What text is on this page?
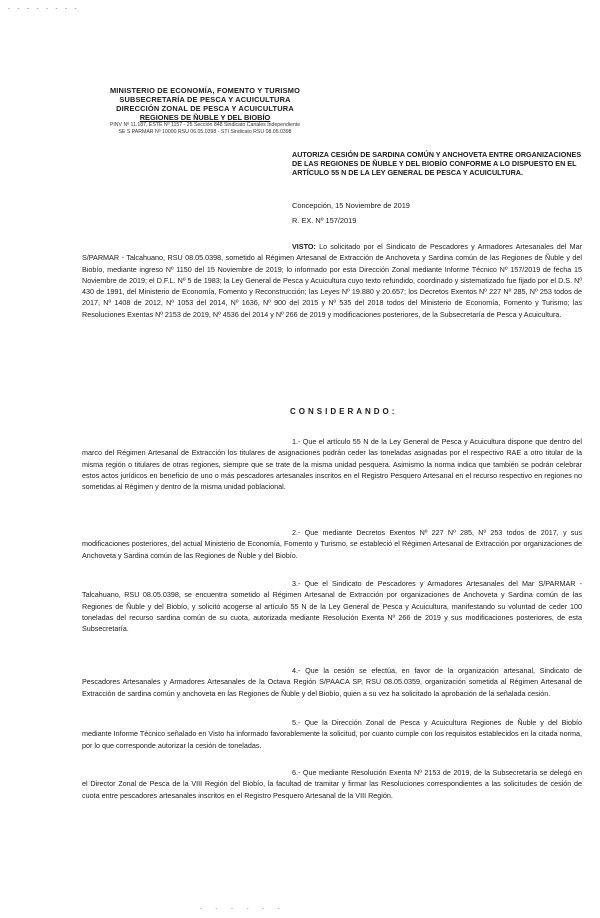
- - - - - - - -
MINISTERIO DE ECONOMÍA, FOMENTO Y TURISMO
SUBSECRETARÍA DE PESCA Y ACUICULTURA
DIRECCIÓN ZONAL DE PESCA Y ACUICULTURA
REGIONES DE ÑUBLE Y DEL BIOBÍO
PINV Nº 11.187, ESTE Nº 1157 - 25 Sección 848 Sindicato Canales Independiente
SE S PARMAR Nº 10000 RSU 06.05.0398 - STI Sindicato RSU 08.05.0398
AUTORIZA CESIÓN DE SARDINA COMÚN Y ANCHOVETA ENTRE ORGANIZACIONES DE LAS REGIONES DE ÑUBLE Y DEL BIOBÍO CONFORME A LO DISPUESTO EN EL ARTÍCULO 55 N DE LA LEY GENERAL DE PESCA Y ACUICULTURA.
Concepción, 15 Noviembre de 2019
R. EX. Nº 157/2019
VISTO: Lo solicitado por el Sindicato de Pescadores y Armadores Artesanales del Mar S/PARMAR - Talcahuano, RSU 08.05.0398, sometido al Régimen Artesanal de Extracción de Anchoveta y Sardina común de las Regiones de Ñuble y del Biobío, mediante ingreso Nº 1150 del 15 Noviembre de 2019; lo informado por esta Dirección Zonal mediante Informe Técnico Nº 157/2019 de fecha 15 Noviembre de 2019; el D.F.L. Nº 5 de 1983; la Ley General de Pesca y Acuicultura cuyo texto refundido, coordinado y sistematizado fue fijado por el D.S. Nº 430 de 1991, del Ministerio de Economía, Fomento y Reconstrucción; las Leyes Nº 19.880 y 20.657; los Decretos Exentos Nº 227 Nº 285, Nº 253 todos de 2017, Nº 1408 de 2012, Nº 1053 del 2014, Nº 1636, Nº 900 del 2015 y Nº 535 del 2018 todos del Ministerio de Economía, Fomento y Turismo; las Resoluciones Exentas Nº 2153 de 2019, Nº 4536 del 2014 y Nº 266 de 2019 y modificaciones posteriores, de la Subsecretaría de Pesca y Acuicultura.
CONSIDERANDO:
1.- Que el artículo 55 N de la Ley General de Pesca y Acuicultura dispone que dentro del marco del Régimen Artesanal de Extracción los titulares de asignaciones podrán ceder las toneladas asignadas por el respectivo RAE a otro titular de la misma región o titulares de otras regiones, siempre que se trate de la misma unidad pesquera. Asimismo la norma indica que también se podrán celebrar estos actos jurídicos en beneficio de uno o más pescadores artesanales inscritos en el Registro Pesquero Artesanal en el recurso respectivo en regiones no sometidas al Régimen y dentro de la misma unidad poblacional.
2.- Que mediante Decretos Exentos Nº 227 Nº 285, Nº 253 todos de 2017, y sus modificaciones posteriores, del actual Ministerio de Economía, Fomento y Turismo, se estableció el Régimen Artesanal de Extracción por organizaciones de Anchoveta y Sardina común de las Regiones de Ñuble y del Biobío.
3.- Que el Sindicato de Pescadores y Armadores Artesanales del Mar S/PARMAR - Talcahuano, RSU 08.05.0398, se encuentra sometido al Régimen Artesanal de Extracción por organizaciones de Anchoveta y Sardina común de las Regiones de Ñuble y del Biobío, y solicitó acogerse al artículo 55 N de la Ley General de Pesca y Acuicultura, manifestando su voluntad de ceder 100 toneladas del recurso sardina común de su cuota, autorizada mediante Resolución Exenta Nº 266 de 2019 y sus modificaciones posteriores, de esta Subsecretaría.
4.- Que la cesión se efectúa, en favor de la organización artesanal, Sindicato de Pescadores Artesanales y Armadores Artesanales de la Octava Región S/PAACA SP, RSU 08.05.0359, organización sometida al Régimen Artesanal de Extracción de sardina común y anchoveta en las Regiones de Ñuble y del Biobío, quien a su vez ha solicitado la aprobación de la señalada cesión.
5.- Que la Dirección Zonal de Pesca y Acuicultura Regiones de Ñuble y del Biobío mediante Informe Técnico señalado en Visto ha informado favorablemente la solicitud, por cuanto cumple con los requisitos establecidos en la citada norma, por lo que corresponde autorizar la cesión de toneladas.
6.- Que mediante Resolución Exenta Nº 2153 de 2019, de la Subsecretaría se delegó en el Director Zonal de Pesca de la VIII Región del Biobío, la facultad de tramitar y firmar las Resoluciones correspondientes a las solicitudes de cesión de cuota entre pescadores artesanales inscritos en el Registro Pesquero Artesanal de la VIII Región.
- - - - - -
